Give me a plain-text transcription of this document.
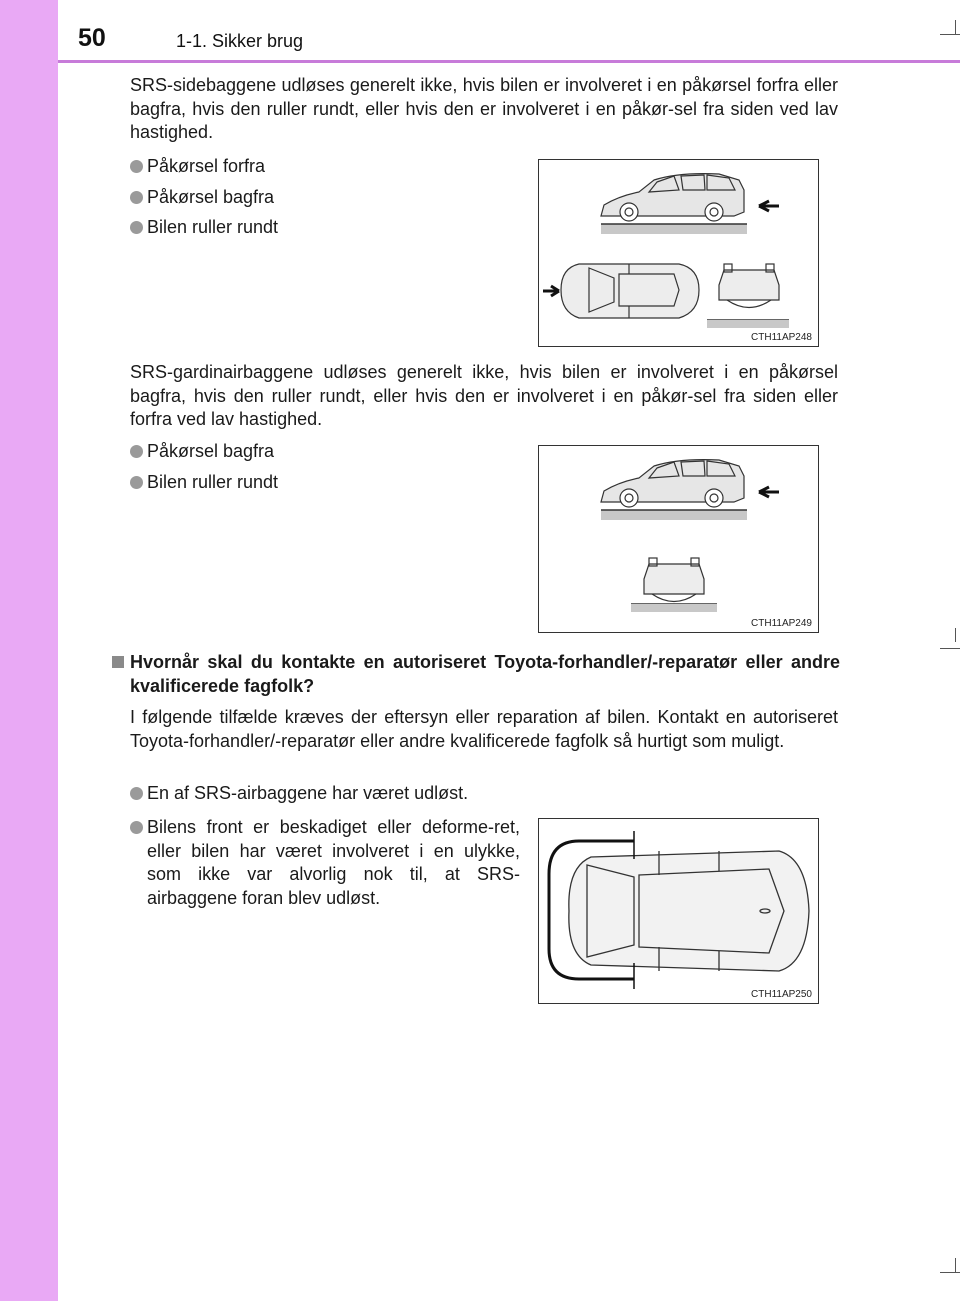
50	1-1. Sikker brug

SRS-sidebaggene udløses generelt ikke, hvis bilen er involveret i en påkørsel forfra eller bagfra, hvis den ruller rundt, eller hvis den er involveret i en påkør-sel fra siden ved lav hastighed.

Påkørsel forfra
Påkørsel bagfra
Bilen ruller rundt
CTH11AP248

SRS-gardinairbaggene udløses generelt ikke, hvis bilen er involveret i en påkørsel bagfra, hvis den ruller rundt, eller hvis den er involveret i en påkør-sel fra siden eller forfra ved lav hastighed.

Påkørsel bagfra
Bilen ruller rundt
CTH11AP249
Hvornår skal du kontakte en autoriseret Toyota-forhandler/-reparatør eller andre kvalificerede fagfolk?

I følgende tilfælde kræves der eftersyn eller reparation af bilen. Kontakt en autoriseret Toyota-forhandler/-reparatør eller andre kvalificerede fagfolk så hurtigt som muligt.

En af SRS-airbaggene har været udløst.
Bilens front er beskadiget eller deforme-ret, eller bilen har været involveret i en ulykke, som ikke var alvorlig nok til, at SRS-airbaggene foran blev udløst.
CTH11AP250
